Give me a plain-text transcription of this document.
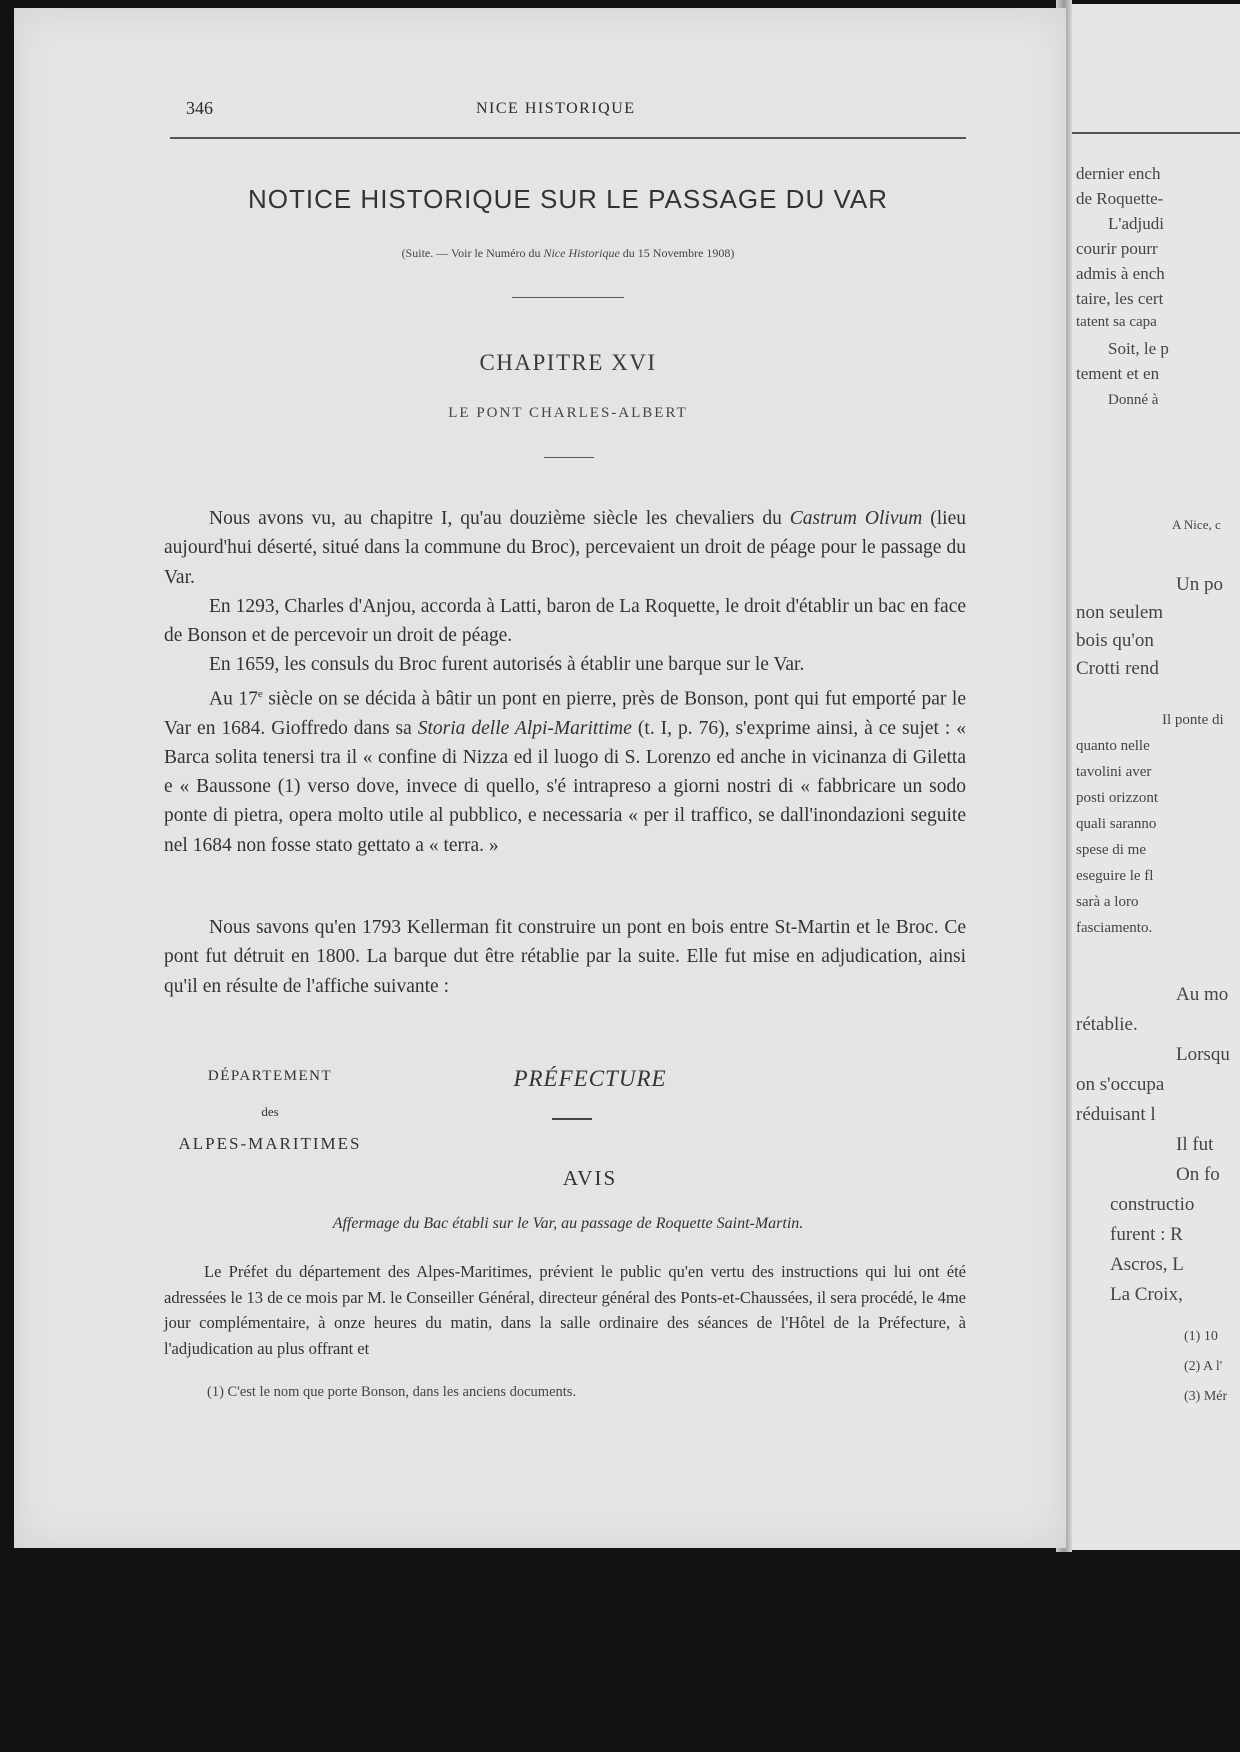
dernier ench
de Roquette-
L'adjudi
courir pourr
admis à ench
taire, les cert
tatent sa capa
Soit, le p
tement et en
Donné à
A Nice, c
Un po
non seulem
bois qu'on
Crotti rend
Il ponte di
quanto nelle
tavolini aver
posti orizzont
quali saranno
spese di me
eseguire le fl
sarà a loro
fasciamento.
Au mo
rétablie.
Lorsqu
on s'occupa
réduisant l
Il fut
On fo
constructio
furent : R
Ascros, L
La Croix,
(1) 10
(2) A l'
(3) Mér
346	NICE HISTORIQUE
NOTICE HISTORIQUE SUR LE PASSAGE DU VAR
(Suite. — Voir le Numéro du Nice Historique du 15 Novembre 1908)
CHAPITRE XVI
LE PONT CHARLES-ALBERT

Nous avons vu, au chapitre I, qu'au douzième siècle les chevaliers du Castrum Olivum (lieu aujourd'hui déserté, situé dans la commune du Broc), percevaient un droit de péage pour le passage du Var.

En 1293, Charles d'Anjou, accorda à Latti, baron de La Roquette, le droit d'établir un bac en face de Bonson et de percevoir un droit de péage.

En 1659, les consuls du Broc furent autorisés à établir une barque sur le Var.

Au 17e siècle on se décida à bâtir un pont en pierre, près de Bonson, pont qui fut emporté par le Var en 1684. Gioffredo dans sa Storia delle Alpi-Marittime (t. I, p. 76), s'exprime ainsi, à ce sujet : « Barca solita tenersi tra il « confine di Nizza ed il luogo di S. Lorenzo ed anche in vicinanza di Giletta e « Baussone (1) verso dove, invece di quello, s'é intrapreso a giorni nostri di « fabbricare un sodo ponte di pietra, opera molto utile al pubblico, e necessaria « per il traffico, se dall'inondazioni seguite nel 1684 non fosse stato gettato a « terra. »

Nous savons qu'en 1793 Kellerman fit construire un pont en bois entre St-Martin et le Broc. Ce pont fut détruit en 1800. La barque dut être rétablie par la suite. Elle fut mise en adjudication, ainsi qu'il en résulte de l'affiche suivante :

DÉPARTEMENT
des
ALPES-MARITIMES
PRÉFECTURE
AVIS
Affermage du Bac établi sur le Var, au passage de Roquette Saint-Martin.

Le Préfet du département des Alpes-Maritimes, prévient le public qu'en vertu des instructions qui lui ont été adressées le 13 de ce mois par M. le Conseiller Général, directeur général des Ponts-et-Chaussées, il sera procédé, le 4me jour complémentaire, à onze heures du matin, dans la salle ordinaire des séances de l'Hôtel de la Préfecture, à l'adjudication au plus offrant et

(1) C'est le nom que porte Bonson, dans les anciens documents.
